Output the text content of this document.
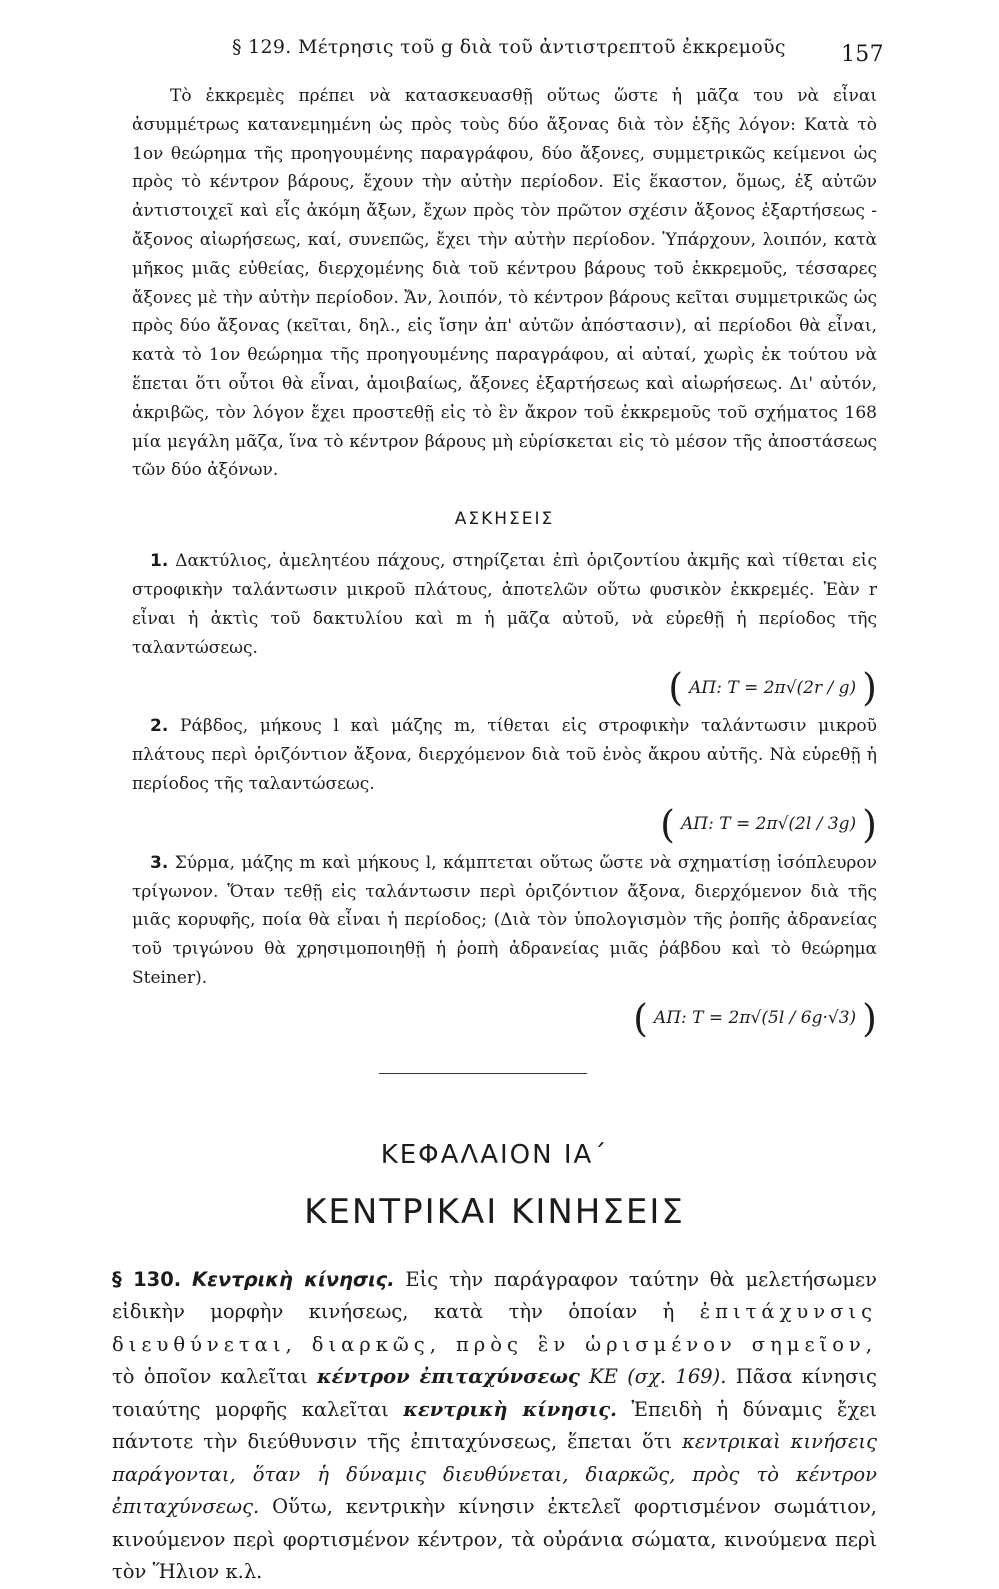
§ 129. Μέτρησις τοῦ g διὰ τοῦ ἀντιστρεπτοῦ ἐκκρεμοῦς	157

Τὸ ἐκκρεμὲς πρέπει νὰ κατασκευασθῇ οὕτως ὥστε ἡ μᾶζα του νὰ εἶναι ἀσυμμέτρως κατανεμημένη ὡς πρὸς τοὺς δύο ἄξονας διὰ τὸν ἑξῆς λόγον: Κατὰ τὸ 1ον θεώρημα τῆς προηγουμένης παραγράφου, δύο ἄξονες, συμμετρικῶς κείμενοι ὡς πρὸς τὸ κέντρον βάρους, ἔχουν τὴν αὐτὴν περίοδον. Εἰς ἕκαστον, ὅμως, ἐξ αὐτῶν ἀντιστοιχεῖ καὶ εἷς ἀκόμη ἄξων, ἔχων πρὸς τὸν πρῶτον σχέσιν ἄξονος ἐξαρτήσεως - ἄξονος αἰωρήσεως, καί, συνεπῶς, ἔχει τὴν αὐτὴν περίοδον. Ὑπάρχουν, λοιπόν, κατὰ μῆκος μιᾶς εὐθείας, διερχομένης διὰ τοῦ κέντρου βάρους τοῦ ἐκκρεμοῦς, τέσσαρες ἄξονες μὲ τὴν αὐτὴν περίοδον. Ἄν, λοιπόν, τὸ κέντρον βάρους κεῖται συμμετρικῶς ὡς πρὸς δύο ἄξονας (κεῖται, δηλ., εἰς ἴσην ἀπ' αὐτῶν ἀπόστασιν), αἱ περίοδοι θὰ εἶναι, κατὰ τὸ 1ον θεώρημα τῆς προηγουμένης παραγράφου, αἱ αὐταί, χωρὶς ἐκ τούτου νὰ ἕπεται ὅτι οὗτοι θὰ εἶναι, ἀμοιβαίως, ἄξονες ἐξαρτήσεως καὶ αἰωρήσεως. Δι' αὐτόν, ἀκριβῶς, τὸν λόγον ἔχει προστεθῇ εἰς τὸ ἓν ἄκρον τοῦ ἐκκρεμοῦς τοῦ σχήματος 168 μία μεγάλη μᾶζα, ἵνα τὸ κέντρον βάρους μὴ εὑρίσκεται εἰς τὸ μέσον τῆς ἀποστάσεως τῶν δύο ἀξόνων.

ΑΣΚΗΣΕΙΣ

1. Δακτύλιος, ἀμελητέου πάχους, στηρίζεται ἐπὶ ὁριζοντίου ἀκμῆς καὶ τίθεται εἰς στροφικὴν ταλάντωσιν μικροῦ πλάτους, ἀποτελῶν οὕτω φυσικὸν ἐκκρεμές. Ἐὰν r εἶναι ἡ ἀκτὶς τοῦ δακτυλίου καὶ m ἡ μᾶζα αὐτοῦ, νὰ εὑρεθῇ ἡ περίοδος τῆς ταλαντώσεως.

( ΑΠ: T = 2π√(2r / g) )

2. Ράβδος, μήκους l καὶ μάζης m, τίθεται εἰς στροφικὴν ταλάντωσιν μικροῦ πλάτους περὶ ὁριζόντιον ἄξονα, διερχόμενον διὰ τοῦ ἑνὸς ἄκρου αὐτῆς. Νὰ εὑρεθῇ ἡ περίοδος τῆς ταλαντώσεως.

( ΑΠ: T = 2π√(2l / 3g) )

3. Σύρμα, μάζης m καὶ μήκους l, κάμπτεται οὕτως ὥστε νὰ σχηματίσῃ ἰσόπλευρον τρίγωνον. Ὅταν τεθῇ εἰς ταλάντωσιν περὶ ὁριζόντιον ἄξονα, διερχόμενον διὰ τῆς μιᾶς κορυφῆς, ποία θὰ εἶναι ἡ περίοδος; (Διὰ τὸν ὑπολογισμὸν τῆς ῥοπῆς ἀδρανείας τοῦ τριγώνου θὰ χρησιμοποιηθῇ ἡ ῥοπὴ ἀδρανείας μιᾶς ῥάβδου καὶ τὸ θεώρημα Steiner).

( ΑΠ: T = 2π√(5l / 6g·√3) )
ΚΕΦΑΛΑΙΟΝ ΙΑ΄
ΚΕΝΤΡΙΚΑΙ ΚΙΝΗΣΕΙΣ

§ 130. Κεντρικὴ κίνησις. Εἰς τὴν παράγραφον ταύτην θὰ μελετήσωμεν εἰδικὴν μορφὴν κινήσεως, κατὰ τὴν ὁποίαν ἡ ἐπιτάχυνσις διευθύνεται, διαρκῶς, πρὸς ἓν ὡρισμένον σημεῖον, τὸ ὁποῖον καλεῖται κέντρον ἐπιταχύνσεως ΚΕ (σχ. 169). Πᾶσα κίνησις τοιαύτης μορφῆς καλεῖται κεντρικὴ κίνησις. Ἐπειδὴ ἡ δύναμις ἔχει πάντοτε τὴν διεύθυνσιν τῆς ἐπιταχύνσεως, ἕπεται ὅτι κεντρικαὶ κινήσεις παράγονται, ὅταν ἡ δύναμις διευθύνεται, διαρκῶς, πρὸς τὸ κέντρον ἐπιταχύνσεως. Οὕτω, κεντρικὴν κίνησιν ἐκτελεῖ φορτισμένον σωμάτιον, κινούμενον περὶ φορτισμένον κέντρον, τὰ οὐράνια σώματα, κινούμενα περὶ τὸν Ἥλιον κ.λ.
